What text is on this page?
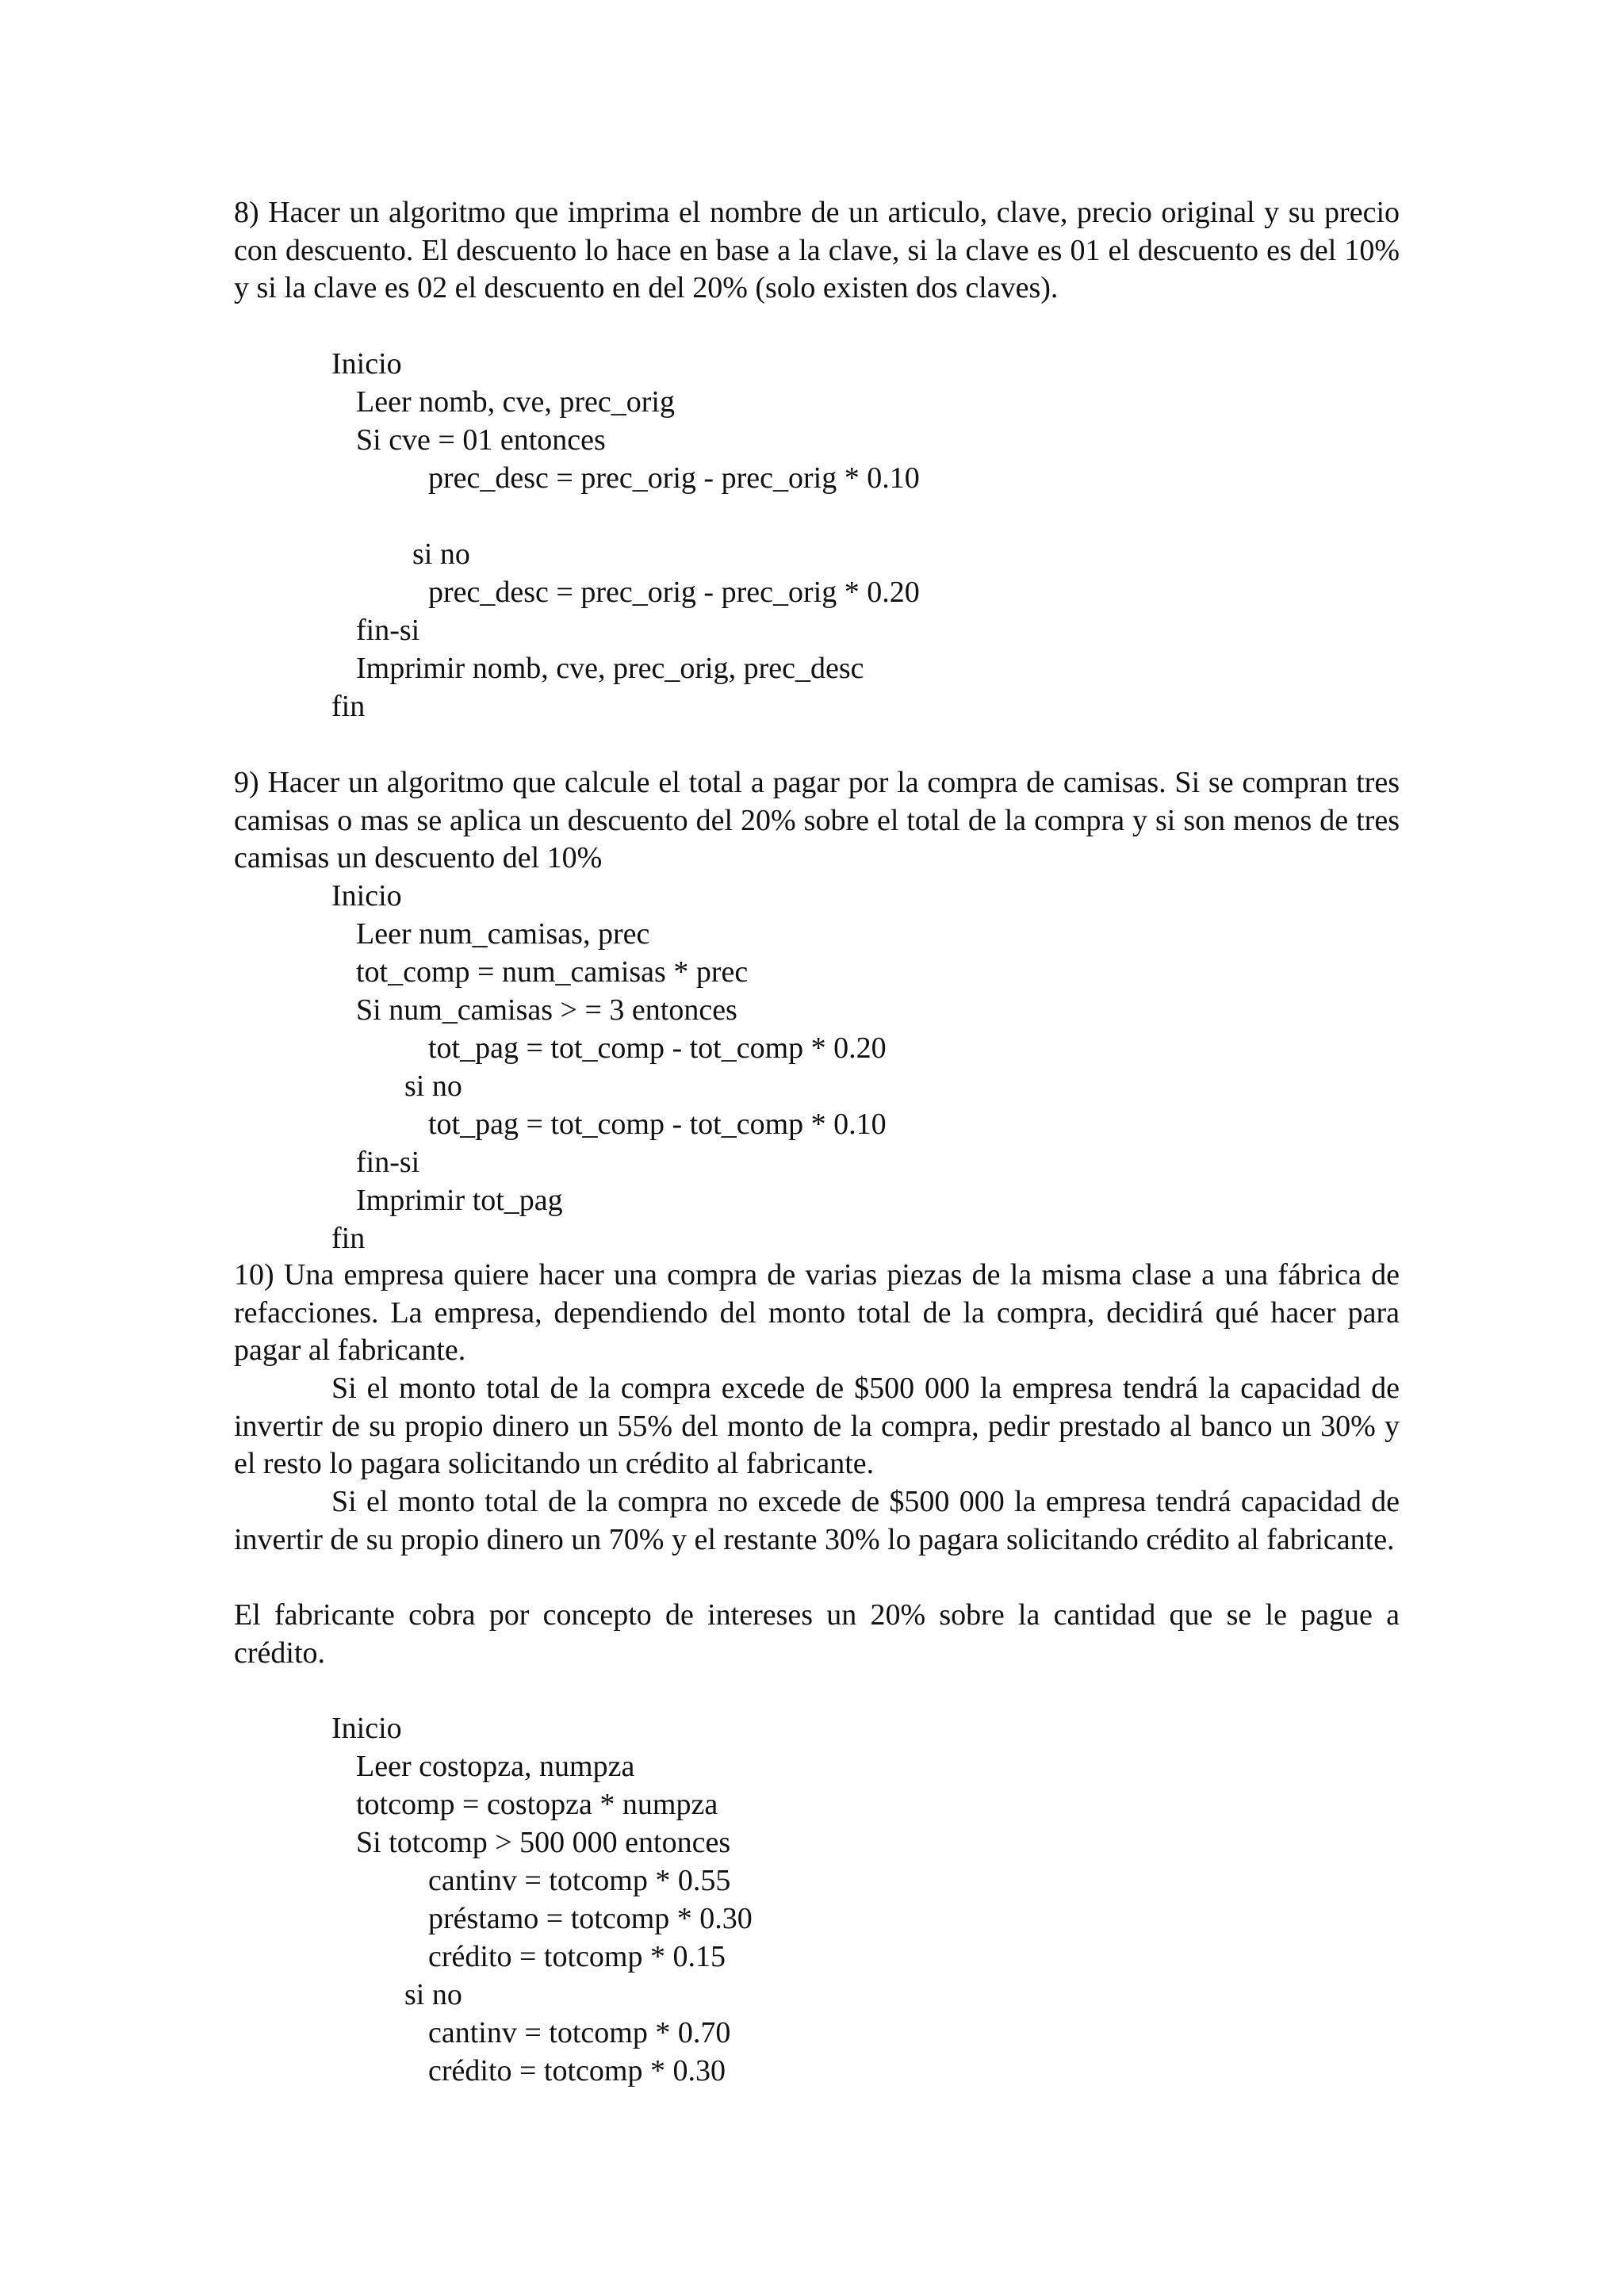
8) Hacer un algoritmo que imprima el nombre de un articulo, clave, precio original y su precio con descuento. El descuento lo hace en base a la clave, si la clave es 01 el descuento es del 10% y si la clave es 02 el descuento en del 20% (solo existen dos claves).
Inicio
Leer nomb, cve, prec_orig
Si cve = 01 entonces
prec_desc = prec_orig - prec_orig * 0.10
si no
prec_desc = prec_orig - prec_orig * 0.20
fin-si
Imprimir nomb, cve, prec_orig, prec_desc
fin
9) Hacer un algoritmo que calcule el total a pagar por la compra de camisas. Si se compran tres camisas o mas se aplica un descuento del 20% sobre el total de la compra y si son menos de tres camisas un descuento del 10%
Inicio
Leer num_camisas, prec
tot_comp = num_camisas * prec
Si num_camisas > = 3 entonces
tot_pag = tot_comp - tot_comp * 0.20
si no
tot_pag = tot_comp - tot_comp * 0.10
fin-si
Imprimir tot_pag
fin
10) Una empresa quiere hacer una compra de varias piezas de la misma clase a una fábrica de refacciones. La empresa, dependiendo del monto total de la compra, decidirá qué hacer para pagar al fabricante.
Si el monto total de la compra excede de $500 000 la empresa tendrá la capacidad de invertir de su propio dinero un 55% del monto de la compra, pedir prestado al banco un 30% y el resto lo pagara solicitando un crédito al fabricante.
Si el monto total de la compra no excede de $500 000 la empresa tendrá capacidad de invertir de su propio dinero un 70% y el restante 30% lo pagara solicitando crédito al fabricante.
El fabricante cobra por concepto de intereses un 20% sobre la cantidad que se le pague a crédito.
Inicio
Leer costopza, numpza
totcomp = costopza * numpza
Si totcomp > 500 000 entonces
cantinv = totcomp * 0.55
préstamo = totcomp * 0.30
crédito = totcomp * 0.15
si no
cantinv = totcomp * 0.70
crédito = totcomp * 0.30
